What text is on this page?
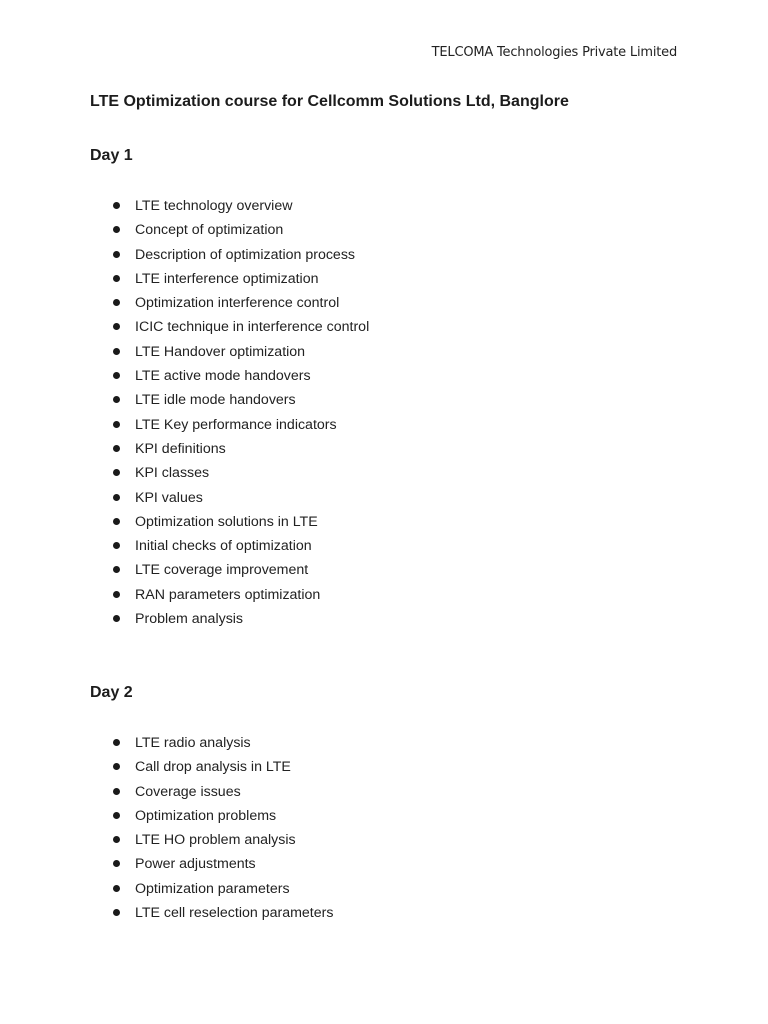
TELCOMA Technologies Private Limited
LTE Optimization course for Cellcomm Solutions Ltd, Banglore
Day 1
LTE technology overview
Concept of optimization
Description of optimization process
LTE interference optimization
Optimization interference control
ICIC technique in interference control
LTE Handover optimization
LTE active mode handovers
LTE idle mode handovers
LTE Key performance indicators
KPI definitions
KPI classes
KPI values
Optimization solutions in LTE
Initial checks of optimization
LTE coverage improvement
RAN parameters optimization
Problem analysis
Day 2
LTE radio analysis
Call drop analysis in LTE
Coverage issues
Optimization problems
LTE HO problem analysis
Power adjustments
Optimization parameters
LTE cell reselection parameters
